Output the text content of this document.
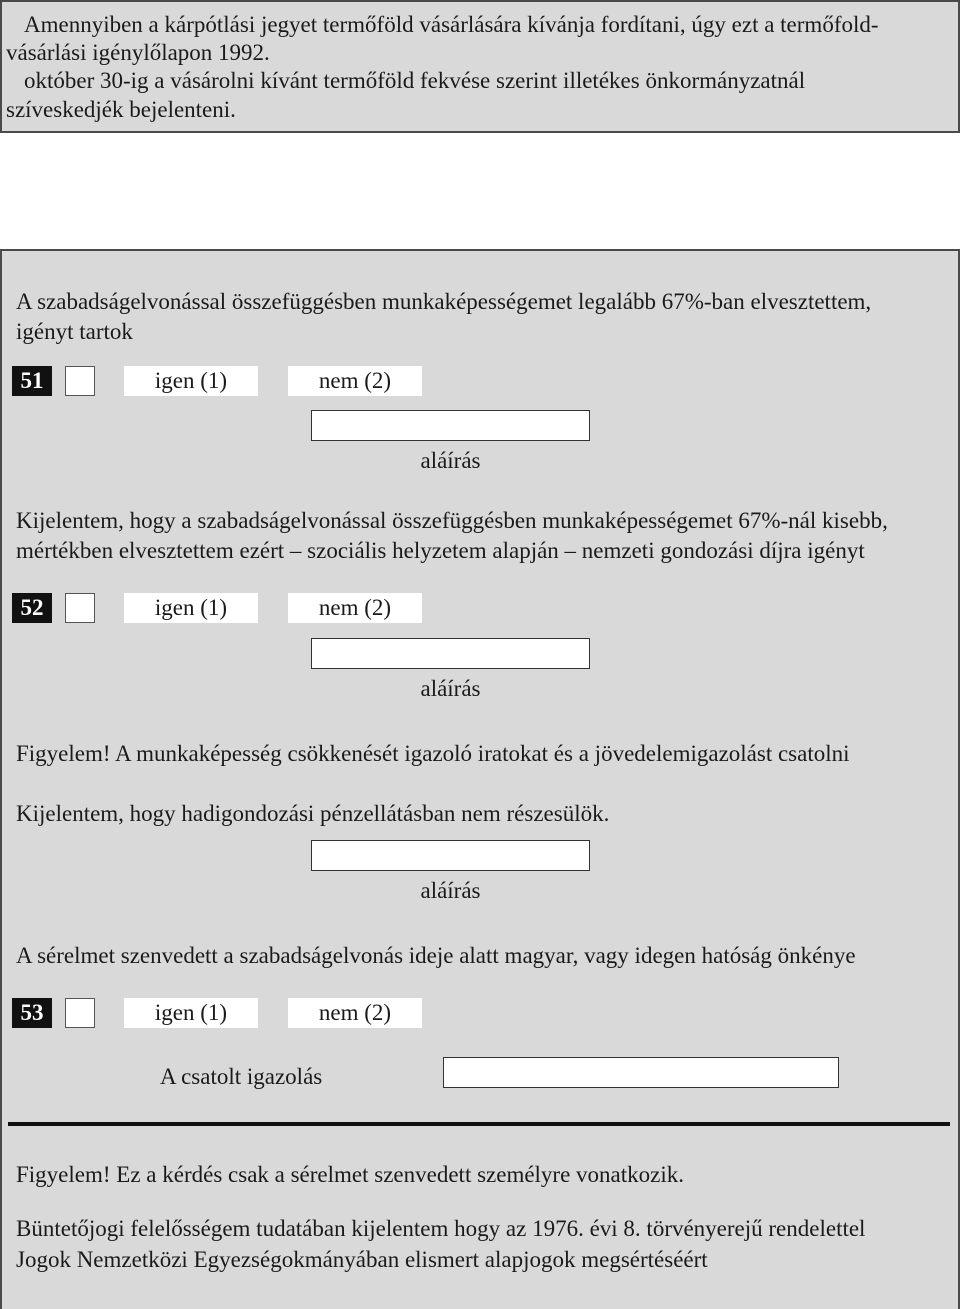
Amennyiben a kárpótlási jegyet termőföld vásárlására kívánja fordítani, úgy ezt a termőfold-
vásárlási igénylőlapon 1992.
október 30-ig a vásárolni kívánt termőföld fekvése szerint illetékes önkormányzatnál
szíveskedjék bejelenteni.
A szabadságelvonással összefüggésben munkaképességemet legalább 67%-ban elvesztettem,
igényt tartok
51	igen (1)	nem (2)
aláírás
Kijelentem, hogy a szabadságelvonással összefüggésben munkaképességemet 67%-nál kisebb,
mértékben elvesztettem ezért – szociális helyzetem alapján – nemzeti gondozási díjra igényt
52	igen (1)	nem (2)
aláírás
Figyelem! A munkaképesség csökkenését igazoló iratokat és a jövedelemigazolást csatolni
Kijelentem, hogy hadigondozási pénzellátásban nem részesülök.
aláírás
A sérelmet szenvedett a szabadságelvonás ideje alatt magyar, vagy idegen hatóság önkénye
53	igen (1)	nem (2)
A csatolt igazolás
Figyelem! Ez a kérdés csak a sérelmet szenvedett személyre vonatkozik.
Büntetőjogi felelősségem tudatában kijelentem hogy az 1976. évi 8. törvényerejű rendelettel
Jogok Nemzetközi Egyezségokmányában elismert alapjogok megsértéséért
